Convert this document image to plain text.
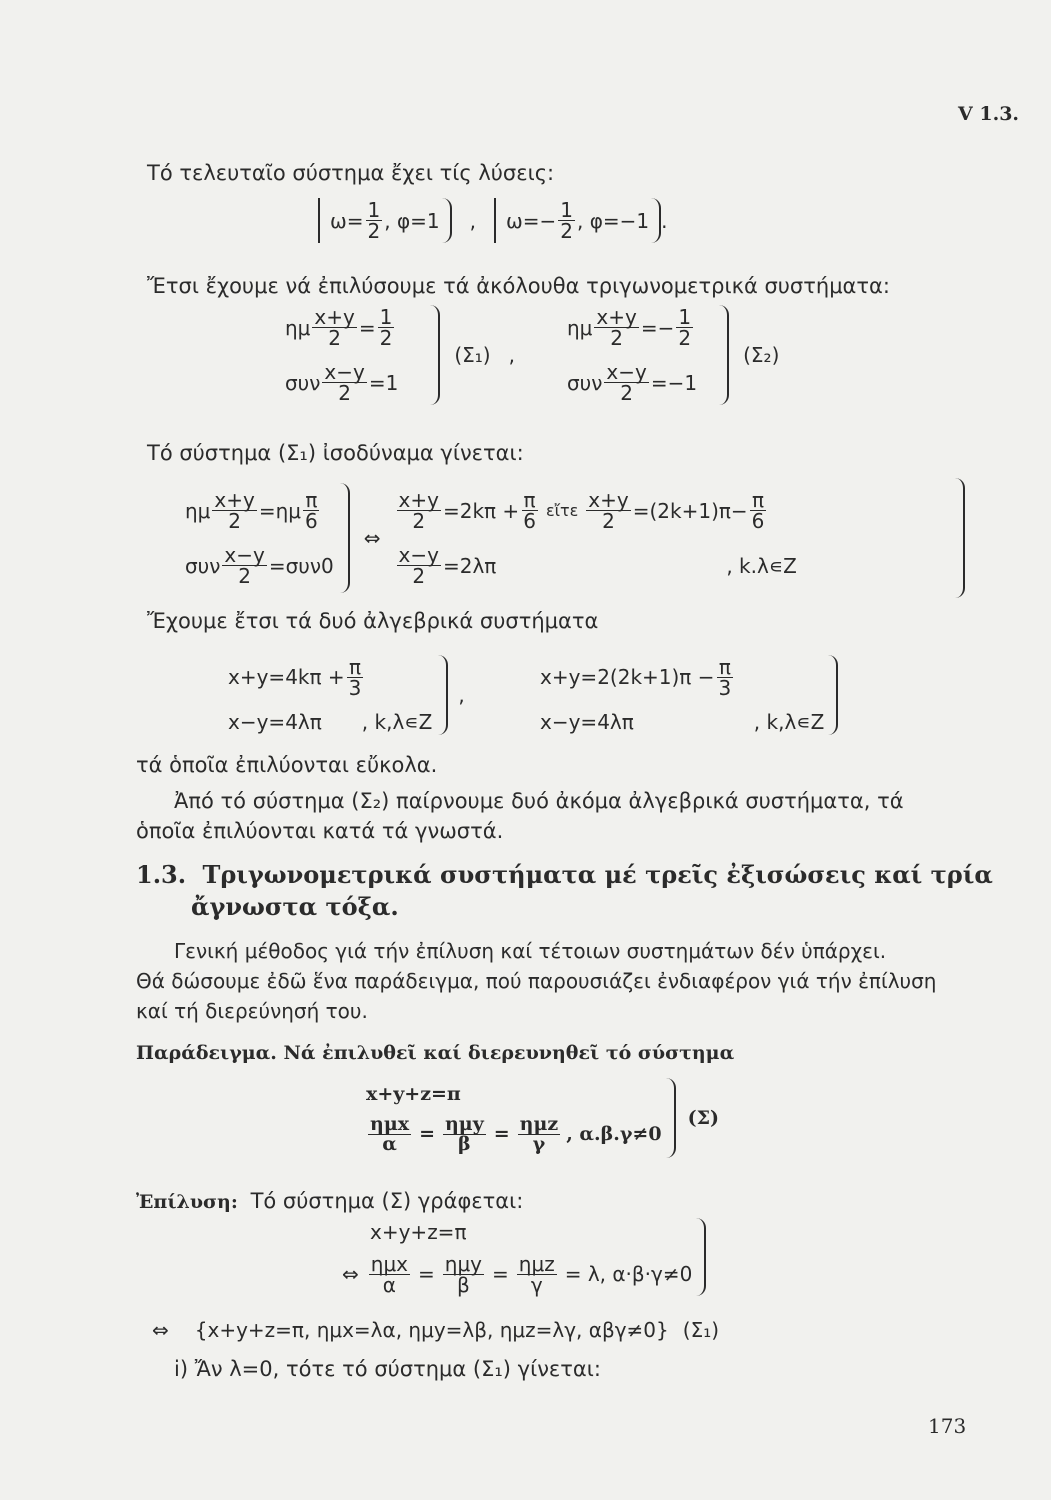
V 1.3.
Τό τελευταῖο σύστημα ἔχει τίς λύσεις:
$\omega= \frac{1}{2}$ , φ=1 , $\omega=- \frac{1}{2}$ , φ=−1 .
Ἔτσι ἔχουμε νά ἐπιλύσουμε τά ἀκόλουθα τριγωνομετρικά συστήματα:
ημ $\frac{x+y}{2} = \frac{1}{2}$
συν $\frac{x-y}{2} =1$
(Σ₁) ,
ημ $\frac{x+y}{2} =- \frac{1}{2}$
συν $\frac{x-y}{2} =-1$
(Σ₂)
Τό σύστημα (Σ₁) ἰσοδύναμα γίνεται:
ημ $\frac{x+y}{2} =\eta\mu \frac{\pi}{6}$
συν $\frac{x-y}{2} =\sigma\upsilon\nu 0$
⇔
$\frac{x+y}{2} =2k\pi + \frac{\pi}{6}$ εἴτε $\frac{x+y}{2} =(2k+1)\pi- \frac{\pi}{6}$
$\frac{x-y}{2} =2\lambda\pi$	, k.λ∊Z
Ἔχουμε ἔτσι τά δυό ἀλγεβρικά συστήματα
$x+y=4k\pi + \frac{\pi}{3}$
x−y=4λπ , k,λ∊Z
,
$x+y=2(2k+1)\pi - \frac{\pi}{3}$
x−y=4λπ	, k,λ∊Z
τά ὁποῖα ἐπιλύονται εὔκολα.
Ἀπό τό σύστημα (Σ₂) παίρνουμε δυό ἀκόμα ἀλγεβρικά συστήματα, τά
ὁποῖα ἐπιλύονται κατά τά γνωστά.
1.3. Τριγωνομετρικά συστήματα μέ τρεῖς ἐξισώσεις καί τρία
ἄγνωστα τόξα.
Γενική μέθοδος γιά τήν ἐπίλυση καί τέτοιων συστημάτων δέν ὑπάρχει.
Θά δώσουμε ἐδῶ ἕνα παράδειγμα, πού παρουσιάζει ἐνδιαφέρον γιά τήν ἐπίλυση
καί τή διερεύνησή του.
Παράδειγμα. Νά ἐπιλυθεῖ καί διερευνηθεῖ τό σύστημα
x+y+z=π
$\frac{\text{ημx}}{\alpha} = \frac{\text{ημy}}{\beta} = \frac{\text{ημz}}{\gamma}$ , α.β.γ≠0
(Σ)
Ἐπίλυση: Τό σύστημα (Σ) γράφεται:
x+y+z=π
⇔ $\frac{\text{ημx}}{\alpha} = \frac{\text{ημy}}{\beta} = \frac{\text{ημz}}{\gamma} = \lambda$, α·β·γ≠0
⇔ {x+y+z=π, ημx=λα, ημy=λβ, ημz=λγ, αβγ≠0} (Σ₁)
i) Ἄν λ=0, τότε τό σύστημα (Σ₁) γίνεται:
173
